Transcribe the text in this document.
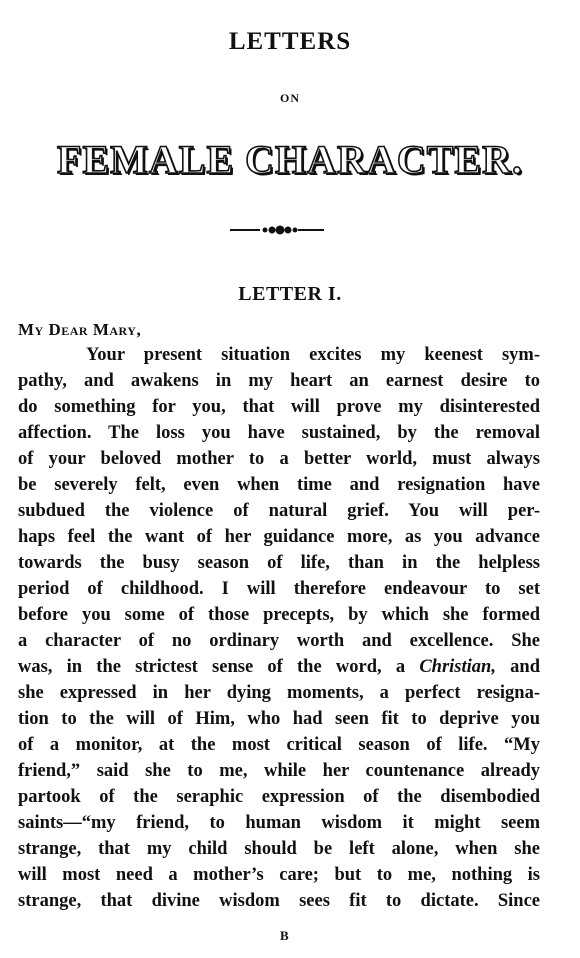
LETTERS
ON
FEMALE CHARACTER.
LETTER I.
My Dear Mary,
Your present situation excites my keenest sym-
pathy, and awakens in my heart an earnest desire to
do something for you, that will prove my disinterested
affection. The loss you have sustained, by the removal
of your beloved mother to a better world, must always
be severely felt, even when time and resignation have
subdued the violence of natural grief. You will per-
haps feel the want of her guidance more, as you advance
towards the busy season of life, than in the helpless
period of childhood. I will therefore endeavour to set
before you some of those precepts, by which she formed
a character of no ordinary worth and excellence. She
was, in the strictest sense of the word, a Christian, and
she expressed in her dying moments, a perfect resigna-
tion to the will of Him, who had seen fit to deprive you
of a monitor, at the most critical season of life. “My
friend,” said she to me, while her countenance already
partook of the seraphic expression of the disembodied
saints—“my friend, to human wisdom it might seem
strange, that my child should be left alone, when she
will most need a mother’s care; but to me, nothing is
strange, that divine wisdom sees fit to dictate. Since
B
